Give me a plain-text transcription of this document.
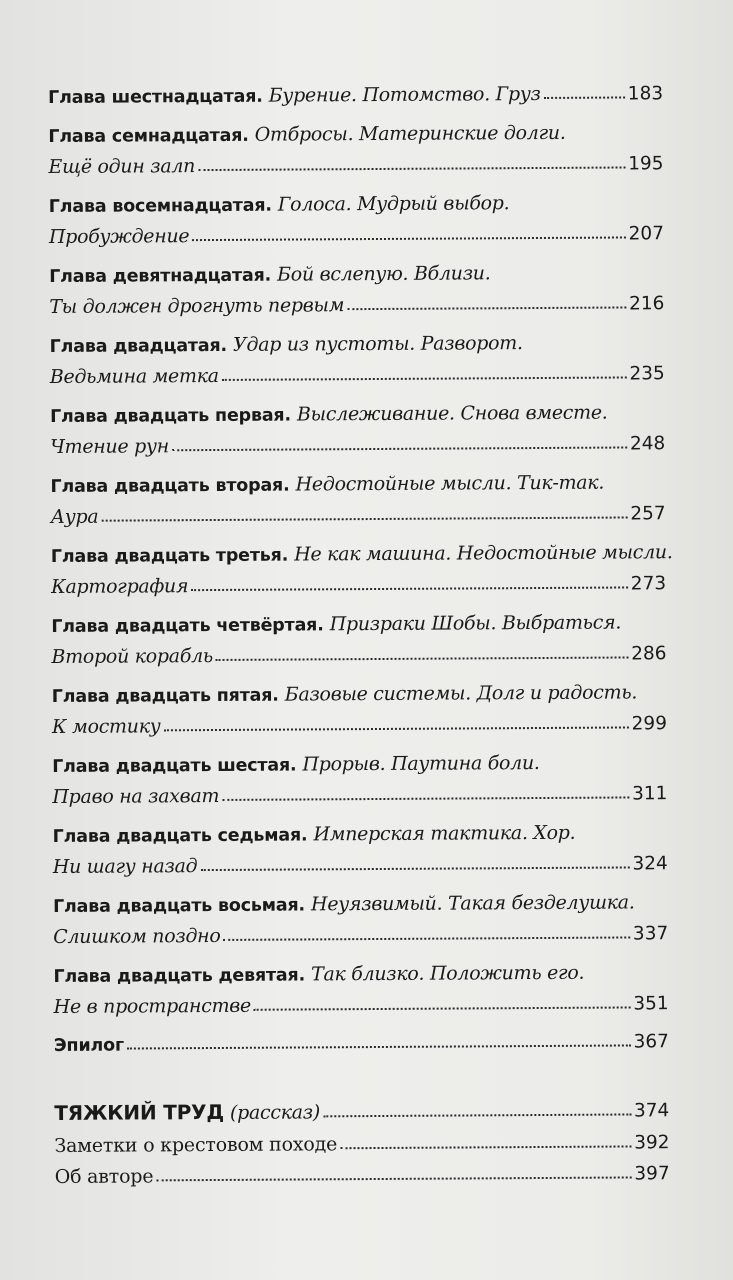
Глава шестнадцатая .
Бурение. Потомство. Груз	183
Глава семнадцатая .
Отбросы. Материнские долги.
Ещё один залп	195
Глава восемнадцатая .
Голоса. Мудрый выбор.
Пробуждение	207
Глава девятнадцатая .
Бой вслепую. Вблизи.
Ты должен дрогнуть первым	216
Глава двадцатая .
Удар из пустоты. Разворот.
Ведьмина метка	235
Глава двадцать первая .
Выслеживание. Снова вместе.
Чтение рун	248
Глава двадцать вторая .
Недостойные мысли. Тик-так.
Аура	257
Глава двадцать третья .
Не как машина. Недостойные мысли.
Картография	273
Глава двадцать четвёртая .
Призраки Шобы. Выбраться.
Второй корабль	286
Глава двадцать пятая .
Базовые системы. Долг и радость.
К мостику	299
Глава двадцать шестая .
Прорыв. Паутина боли.
Право на захват	311
Глава двадцать седьмая .
Имперская тактика. Хор.
Ни шагу назад	324
Глава двадцать восьмая .
Неуязвимый. Такая безделушка.
Слишком поздно	337
Глава двадцать девятая .
Так близко. Положить его.
Не в пространстве	351
Эпилог	367
ТЯЖКИЙ ТРУД
(рассказ)	374
Заметки о крестовом походе	392
Об авторе	397
